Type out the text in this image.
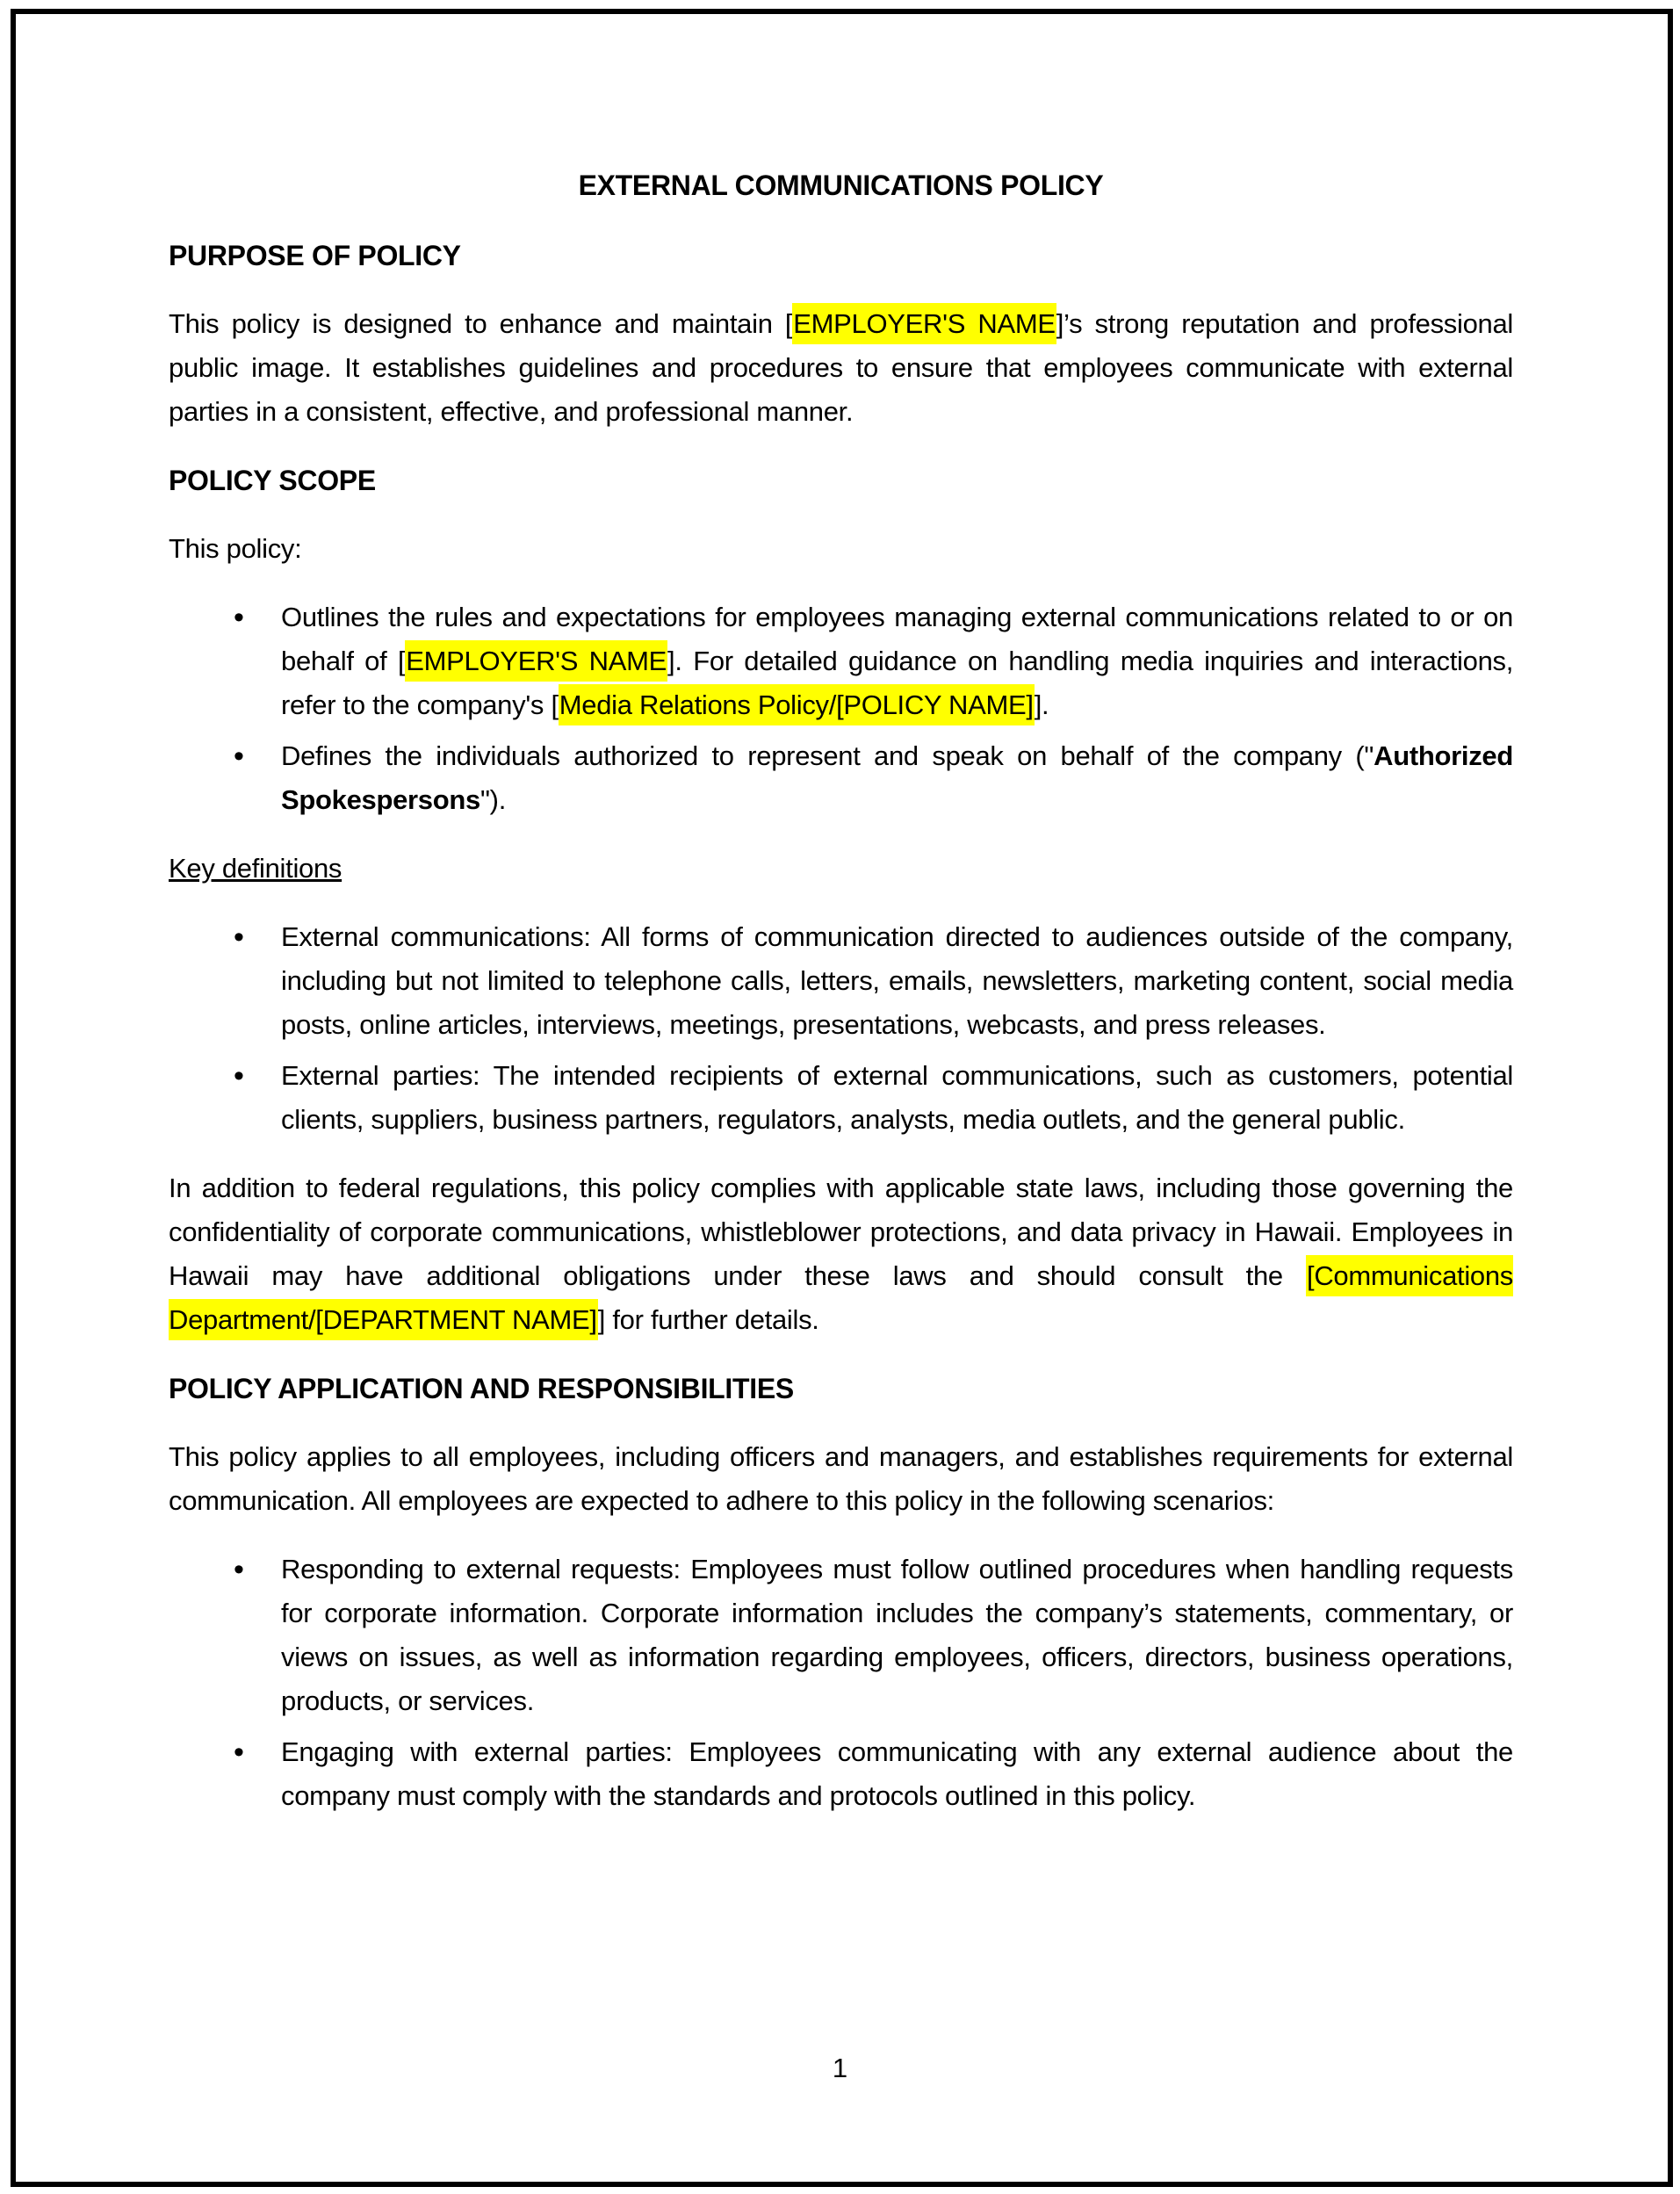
EXTERNAL COMMUNICATIONS POLICY
PURPOSE OF POLICY

This policy is designed to enhance and maintain [EMPLOYER'S NAME]’s strong reputation and professional public image. It establishes guidelines and procedures to ensure that employees communicate with external parties in a consistent, effective, and professional manner.

POLICY SCOPE

This policy:

• Outlines the rules and expectations for employees managing external communications related to or on behalf of [EMPLOYER'S NAME]. For detailed guidance on handling media inquiries and interactions, refer to the company's [Media Relations Policy/[POLICY NAME]].
• Defines the individuals authorized to represent and speak on behalf of the company ("Authorized Spokespersons").
Key definitions
• External communications: All forms of communication directed to audiences outside of the company, including but not limited to telephone calls, letters, emails, newsletters, marketing content, social media posts, online articles, interviews, meetings, presentations, webcasts, and press releases.
• External parties: The intended recipients of external communications, such as customers, potential clients, suppliers, business partners, regulators, analysts, media outlets, and the general public.

In addition to federal regulations, this policy complies with applicable state laws, including those governing the confidentiality of corporate communications, whistleblower protections, and data privacy in Hawaii. Employees in Hawaii may have additional obligations under these laws and should consult the [Communications Department/[DEPARTMENT NAME]] for further details.

POLICY APPLICATION AND RESPONSIBILITIES

This policy applies to all employees, including officers and managers, and establishes requirements for external communication. All employees are expected to adhere to this policy in the following scenarios:

• Responding to external requests: Employees must follow outlined procedures when handling requests for corporate information. Corporate information includes the company’s statements, commentary, or views on issues, as well as information regarding employees, officers, directors, business operations, products, or services.
• Engaging with external parties: Employees communicating with any external audience about the company must comply with the standards and protocols outlined in this policy.
1
